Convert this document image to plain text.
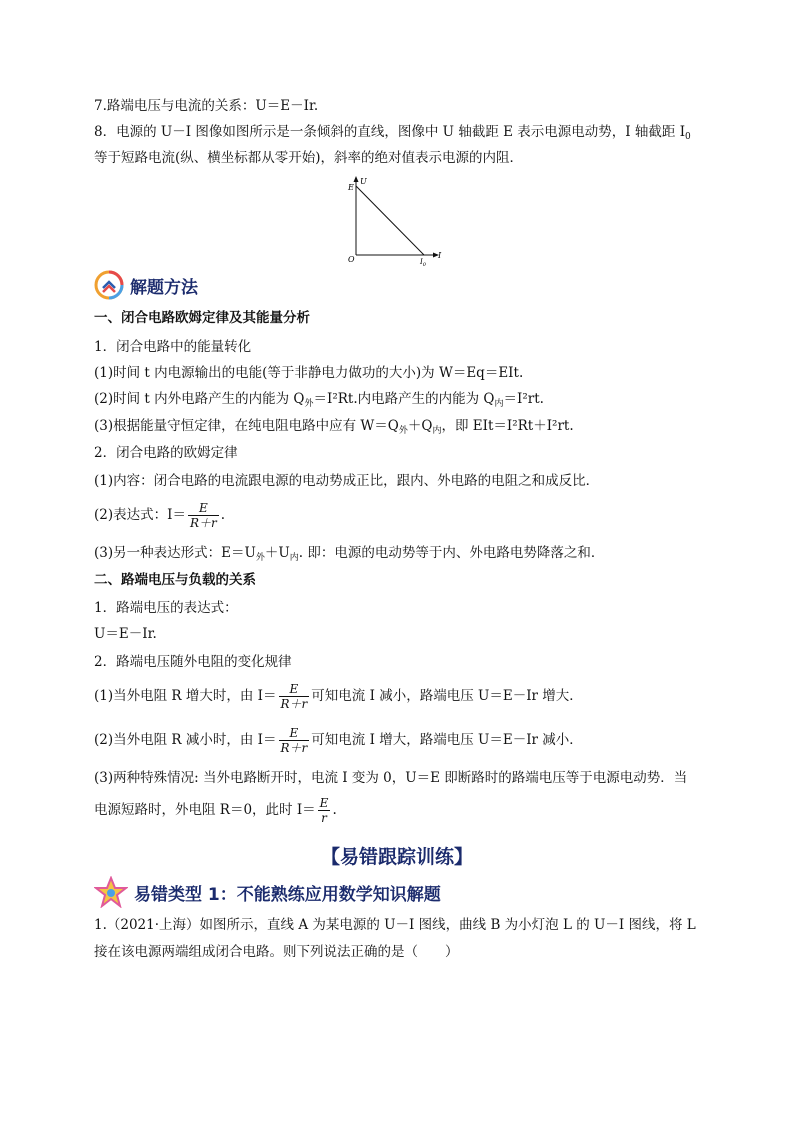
7.路端电压与电流的关系：U＝E－Ir.
8．电源的 U－I 图像如图所示是一条倾斜的直线，图像中 U 轴截距 E 表示电源电动势，I 轴截距 $I_0$
等于短路电流(纵、横坐标都从零开始)，斜率的绝对值表示电源的内阻．
E
U
O	$I_0$
I
解题方法
一、闭合电路欧姆定律及其能量分析
1．闭合电路中的能量转化
(1)时间 t 内电源输出的电能(等于非静电力做功的大小)为 W＝Eq＝EIt.
(2)时间 t 内外电路产生的内能为 $Q_外=I^2Rt$.内电路产生的内能为 $Q_内=I^2rt$.
(3)根据能量守恒定律，在纯电阻电路中应有 $W=Q_外+Q_内$，即 EIt＝I²Rt＋I²rt.
2．闭合电路的欧姆定律
(1)内容：闭合电路的电流跟电源的电动势成正比，跟内、外电路的电阻之和成反比．
(2)表达式：$I= \frac{E}{R+r}$ .
(3)另一种表达形式：$E=U_外+U_内$. 即：电源的电动势等于内、外电路电势降落之和．
二、路端电压与负载的关系
1．路端电压的表达式：
U＝E－Ir.
2．路端电压随外电阻的变化规律
(1)当外电阻 R 增大时，由 $I= \frac{E}{R+r}$ 可知电流 I 减小，路端电压 U＝E－Ir 增大．
(2)当外电阻 R 减小时，由 $I= \frac{E}{R+r}$ 可知电流 I 增大，路端电压 U＝E－Ir 减小．
(3)两种特殊情况: 当外电路断开时，电流 I 变为 0，U＝E 即断路时的路端电压等于电源电动势．当
电源短路时，外电阻 R＝0，此时 $I= \frac{E}{r}$ .
【易错跟踪训练】
易错类型 1：不能熟练应用数学知识解题
1.（2021·上海）如图所示，直线 A 为某电源的 U－I 图线，曲线 B 为小灯泡 L 的 U－I 图线，将 L
接在该电源两端组成闭合电路。则下列说法正确的是（　　）
